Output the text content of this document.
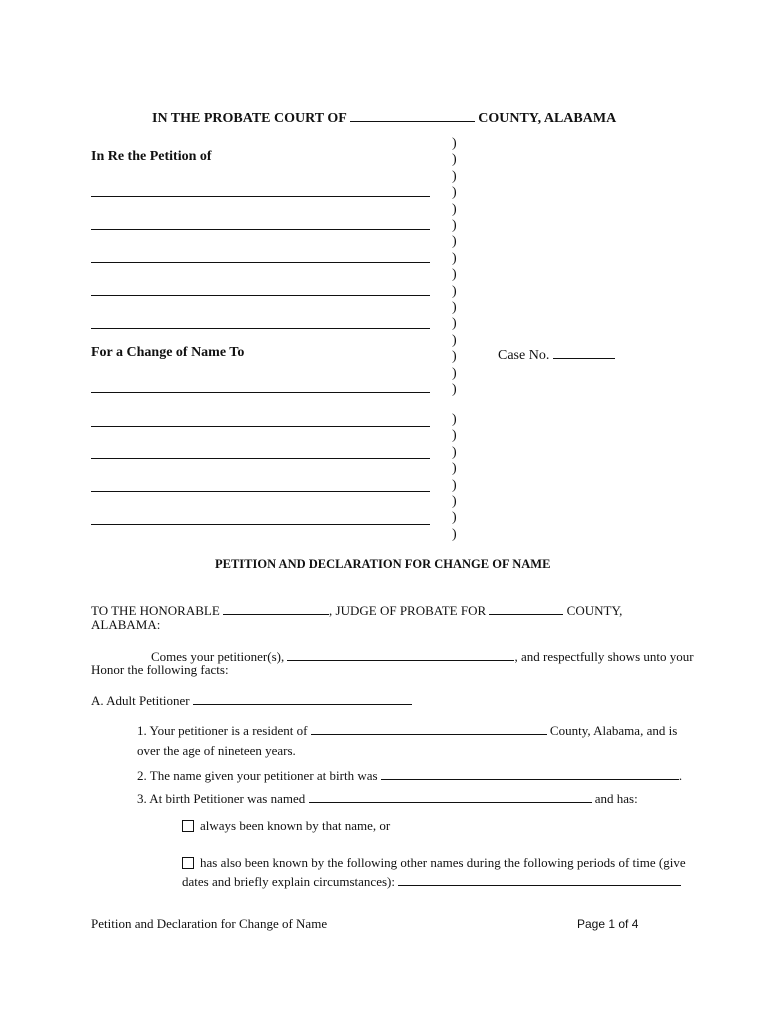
IN THE PROBATE COURT OF	COUNTY, ALABAMA
In Re the Petition of
For a Change of Name To
)
)
)
)
)
)
)
)
)
)
)
)
)
)
)
)
)
)
)
)
)
)
)
)
Case No.
PETITION AND DECLARATION FOR CHANGE OF NAME
TO THE HONORABLE	, JUDGE OF PROBATE FOR	COUNTY,
ALABAMA:
Comes your petitioner(s),	, and respectfully shows unto your
Honor the following facts:
A. Adult Petitioner
1. Your petitioner is a resident of	County, Alabama, and is
over the age of nineteen years.
2. The name given your petitioner at birth was	.
3. At birth Petitioner was named	and has:
always been known by that name, or
has also been known by the following other names during the following periods of time (give
dates and briefly explain circumstances):
Petition and Declaration for Change of Name	Page 1 of 4
